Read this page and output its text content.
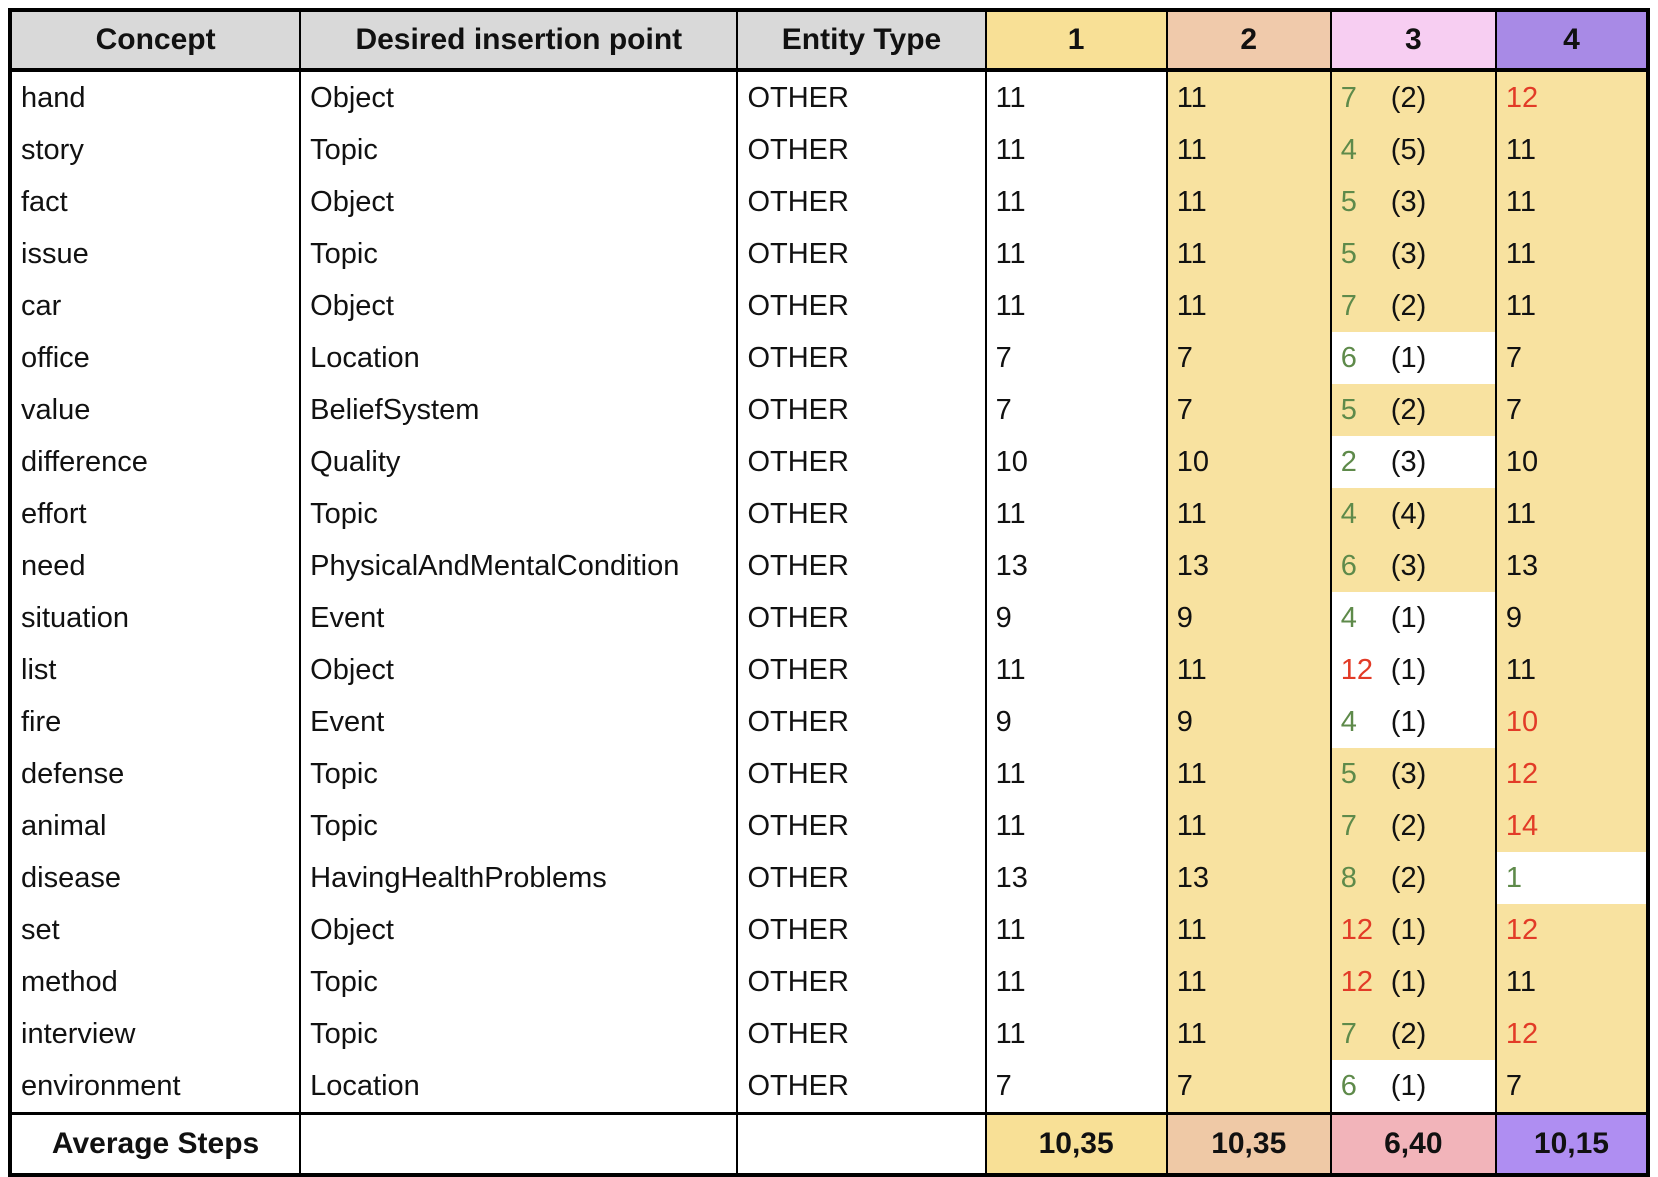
Concept	Desired insertion point	Entity Type	1	2	3	4
hand	Object	OTHER	11	11	7 (2)	12
story	Topic	OTHER	11	11	4 (5)	11
fact	Object	OTHER	11	11	5 (3)	11
issue	Topic	OTHER	11	11	5 (3)	11
car	Object	OTHER	11	11	7 (2)	11
office	Location	OTHER	7	7	6 (1)	7
value	BeliefSystem	OTHER	7	7	5 (2)	7
difference	Quality	OTHER	10	10	2 (3)	10
effort	Topic	OTHER	11	11	4 (4)	11
need	PhysicalAndMentalCondition	OTHER	13	13	6 (3)	13
situation	Event	OTHER	9	9	4 (1)	9
list	Object	OTHER	11	11	12 (1)	11
fire	Event	OTHER	9	9	4 (1)	10
defense	Topic	OTHER	11	11	5 (3)	12
animal	Topic	OTHER	11	11	7 (2)	14
disease	HavingHealthProblems	OTHER	13	13	8 (2)	1
set	Object	OTHER	11	11	12 (1)	12
method	Topic	OTHER	11	11	12 (1)	11
interview	Topic	OTHER	11	11	7 (2)	12
environment	Location	OTHER	7	7	6 (1)	7
Average Steps			10,35	10,35	6,40	10,15
